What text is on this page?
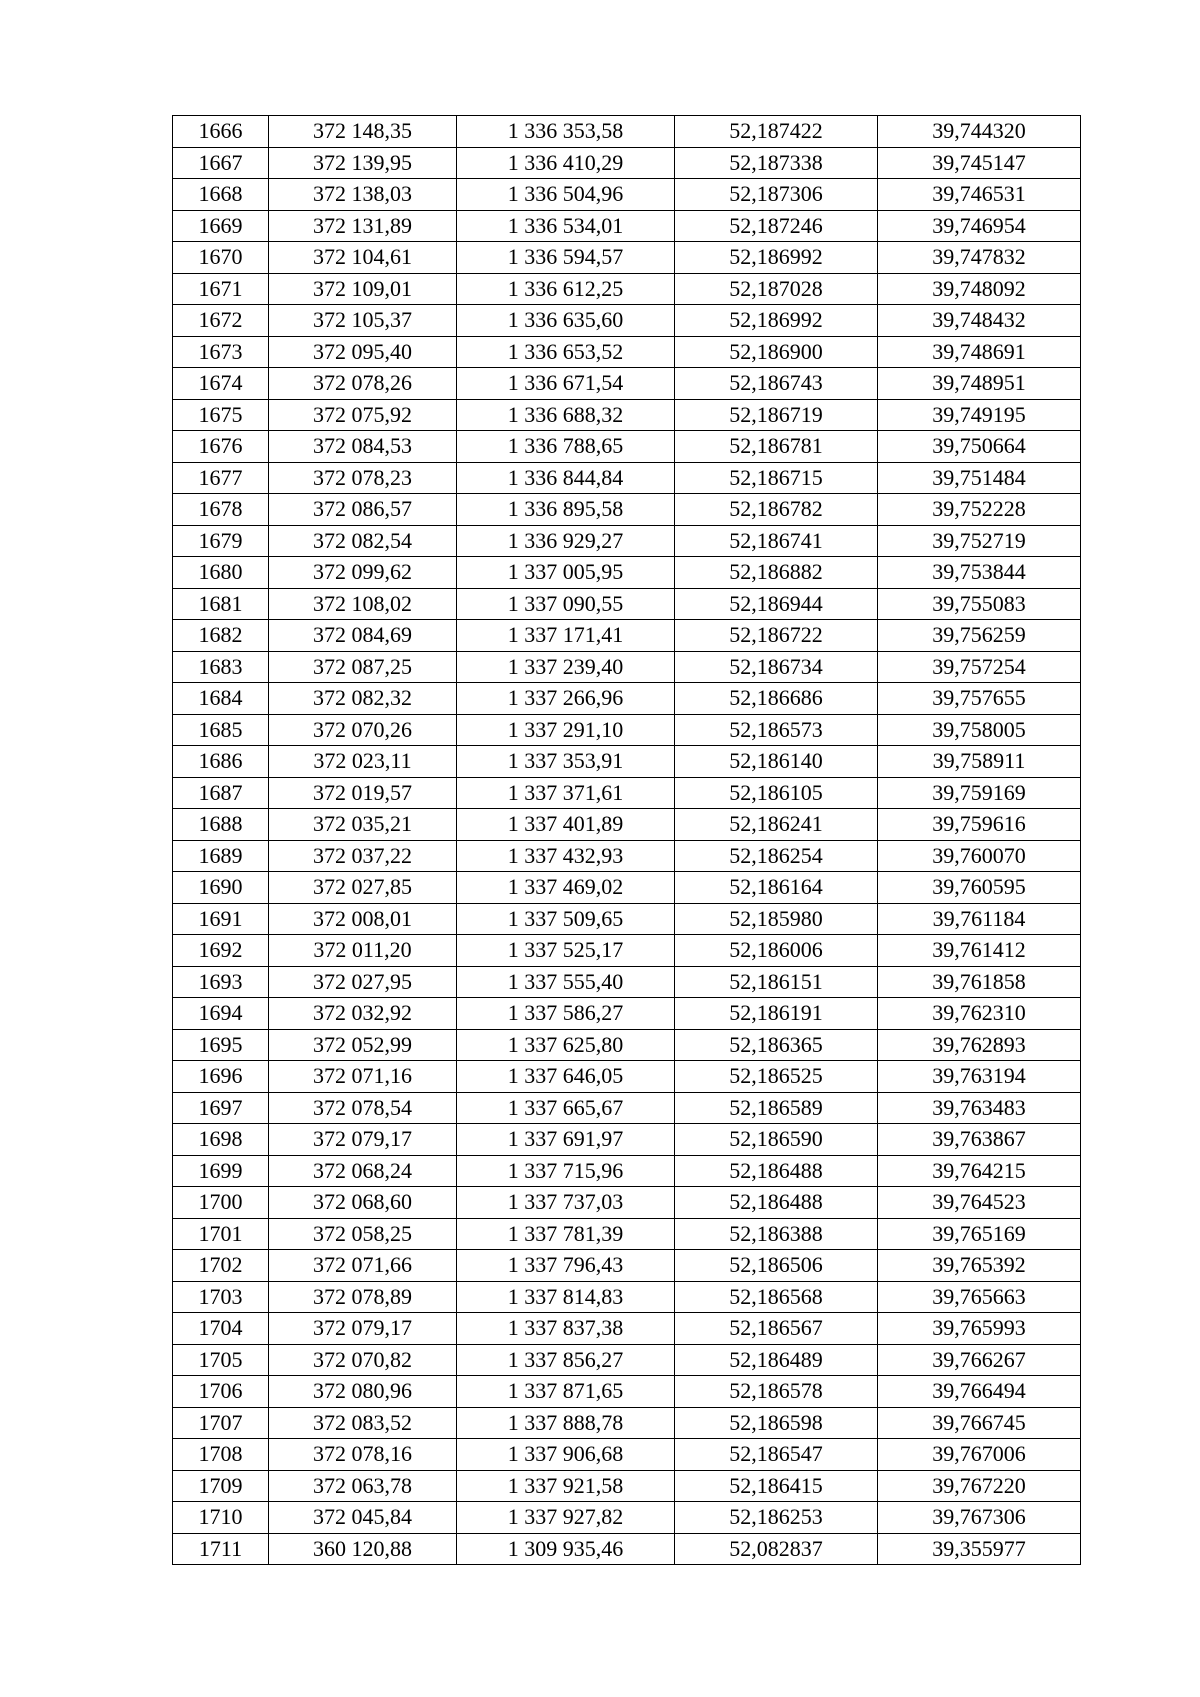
1666	372 148,35	1 336 353,58	52,187422	39,744320
1667	372 139,95	1 336 410,29	52,187338	39,745147
1668	372 138,03	1 336 504,96	52,187306	39,746531
1669	372 131,89	1 336 534,01	52,187246	39,746954
1670	372 104,61	1 336 594,57	52,186992	39,747832
1671	372 109,01	1 336 612,25	52,187028	39,748092
1672	372 105,37	1 336 635,60	52,186992	39,748432
1673	372 095,40	1 336 653,52	52,186900	39,748691
1674	372 078,26	1 336 671,54	52,186743	39,748951
1675	372 075,92	1 336 688,32	52,186719	39,749195
1676	372 084,53	1 336 788,65	52,186781	39,750664
1677	372 078,23	1 336 844,84	52,186715	39,751484
1678	372 086,57	1 336 895,58	52,186782	39,752228
1679	372 082,54	1 336 929,27	52,186741	39,752719
1680	372 099,62	1 337 005,95	52,186882	39,753844
1681	372 108,02	1 337 090,55	52,186944	39,755083
1682	372 084,69	1 337 171,41	52,186722	39,756259
1683	372 087,25	1 337 239,40	52,186734	39,757254
1684	372 082,32	1 337 266,96	52,186686	39,757655
1685	372 070,26	1 337 291,10	52,186573	39,758005
1686	372 023,11	1 337 353,91	52,186140	39,758911
1687	372 019,57	1 337 371,61	52,186105	39,759169
1688	372 035,21	1 337 401,89	52,186241	39,759616
1689	372 037,22	1 337 432,93	52,186254	39,760070
1690	372 027,85	1 337 469,02	52,186164	39,760595
1691	372 008,01	1 337 509,65	52,185980	39,761184
1692	372 011,20	1 337 525,17	52,186006	39,761412
1693	372 027,95	1 337 555,40	52,186151	39,761858
1694	372 032,92	1 337 586,27	52,186191	39,762310
1695	372 052,99	1 337 625,80	52,186365	39,762893
1696	372 071,16	1 337 646,05	52,186525	39,763194
1697	372 078,54	1 337 665,67	52,186589	39,763483
1698	372 079,17	1 337 691,97	52,186590	39,763867
1699	372 068,24	1 337 715,96	52,186488	39,764215
1700	372 068,60	1 337 737,03	52,186488	39,764523
1701	372 058,25	1 337 781,39	52,186388	39,765169
1702	372 071,66	1 337 796,43	52,186506	39,765392
1703	372 078,89	1 337 814,83	52,186568	39,765663
1704	372 079,17	1 337 837,38	52,186567	39,765993
1705	372 070,82	1 337 856,27	52,186489	39,766267
1706	372 080,96	1 337 871,65	52,186578	39,766494
1707	372 083,52	1 337 888,78	52,186598	39,766745
1708	372 078,16	1 337 906,68	52,186547	39,767006
1709	372 063,78	1 337 921,58	52,186415	39,767220
1710	372 045,84	1 337 927,82	52,186253	39,767306
1711	360 120,88	1 309 935,46	52,082837	39,355977
